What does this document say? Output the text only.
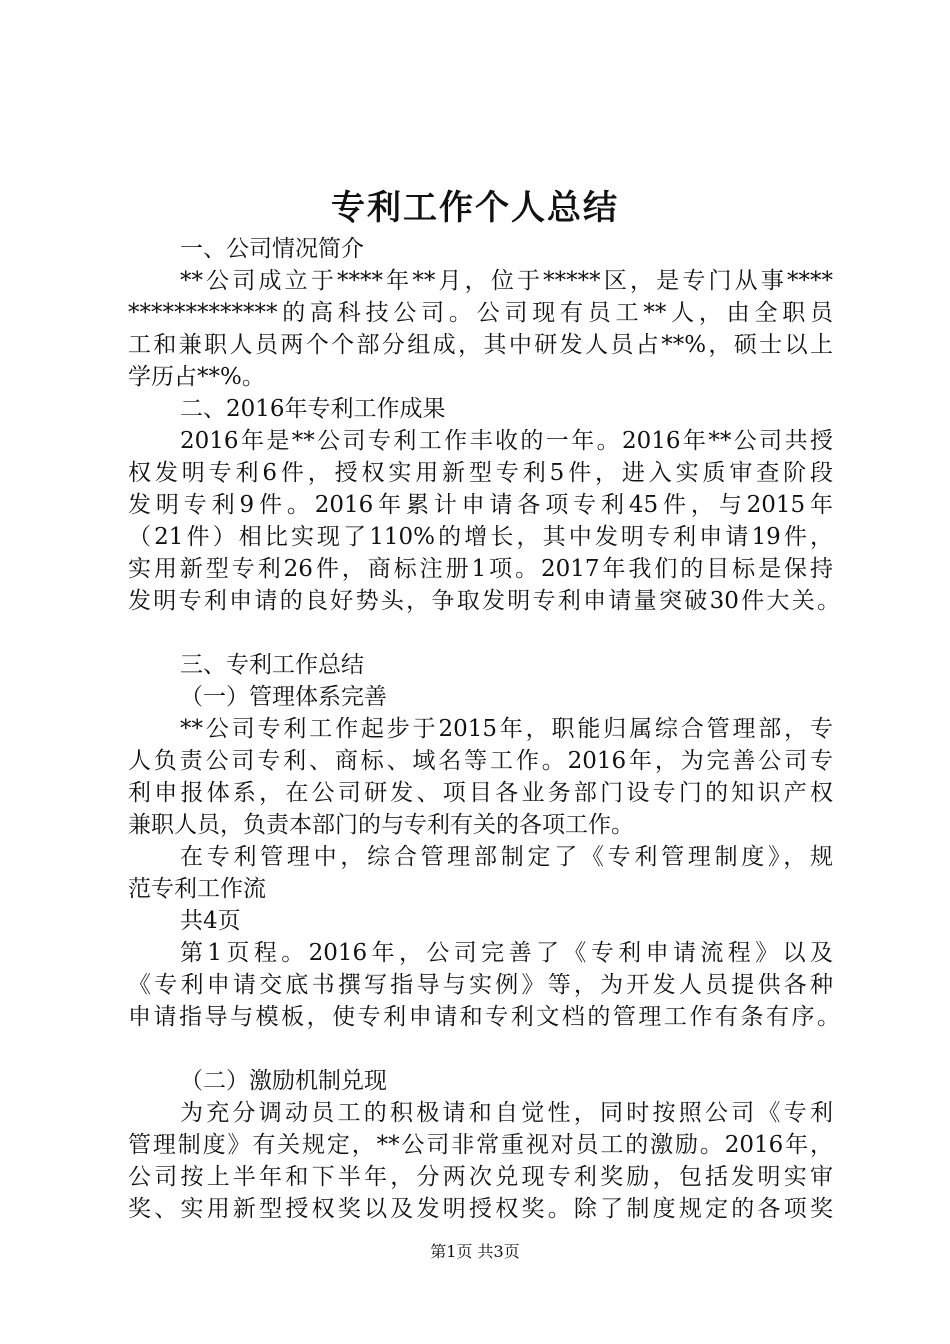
专利工作个人总结
一、公司情况简介
**公司成立于****年**月，位于*****区，是专门从事****
*************的高科技公司。公司现有员工**人，由全职员
工和兼职人员两个个部分组成，其中研发人员占**%，硕士以上
学历占**%。
二、2016年专利工作成果
2016年是**公司专利工作丰收的一年。2016年**公司共授
权发明专利6件，授权实用新型专利5件，进入实质审查阶段
发明专利9件。2016年累计申请各项专利45件，与2015年
（21件）相比实现了110%的增长，其中发明专利申请19件，
实用新型专利26件，商标注册1项。2017年我们的目标是保持
发明专利申请的良好势头，争取发明专利申请量突破30件大关。
三、专利工作总结
（一）管理体系完善
**公司专利工作起步于2015年，职能归属综合管理部，专
人负责公司专利、商标、域名等工作。2016年，为完善公司专
利申报体系，在公司研发、项目各业务部门设专门的知识产权
兼职人员，负责本部门的与专利有关的各项工作。
在专利管理中，综合管理部制定了《专利管理制度》，规
范专利工作流
共4页
第1页程。2016年，公司完善了《专利申请流程》以及
《专利申请交底书撰写指导与实例》等，为开发人员提供各种
申请指导与模板，使专利申请和专利文档的管理工作有条有序。
（二）激励机制兑现
为充分调动员工的积极请和自觉性，同时按照公司《专利
管理制度》有关规定，**公司非常重视对员工的激励。2016年，
公司按上半年和下半年，分两次兑现专利奖励，包括发明实审
奖、实用新型授权奖以及发明授权奖。除了制度规定的各项奖
第1页 共3页
